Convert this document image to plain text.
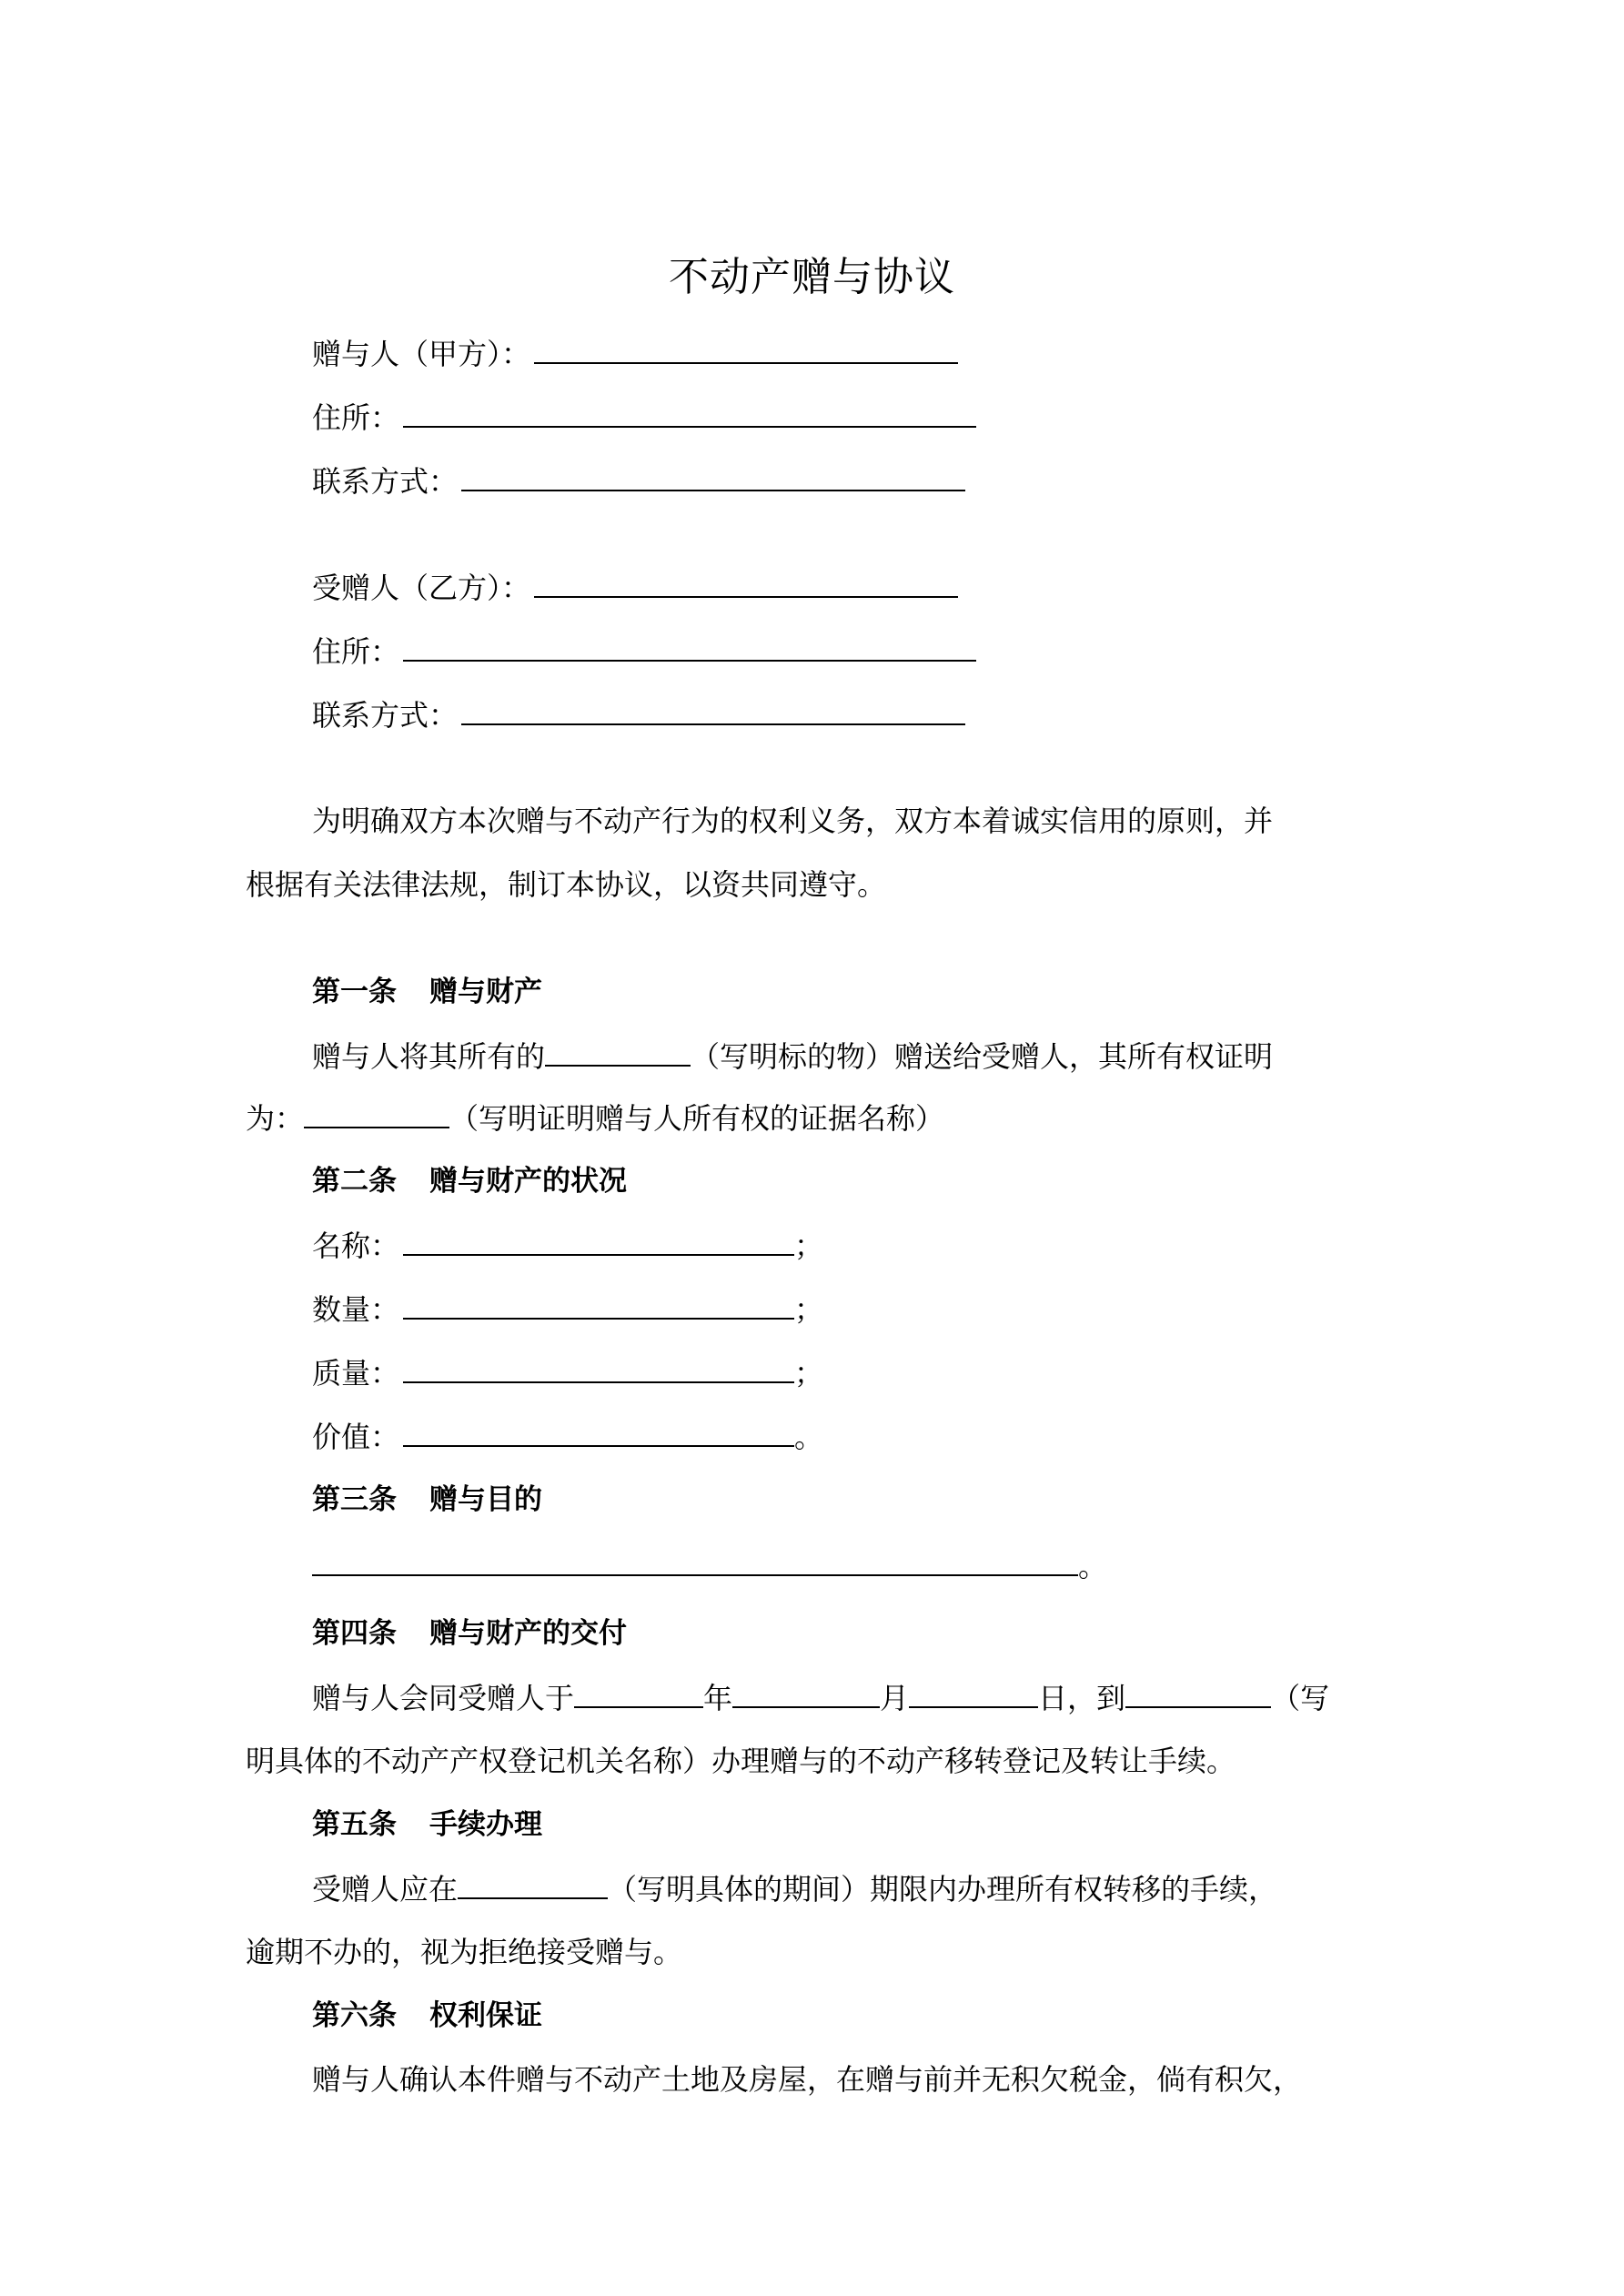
不动产赠与协议
赠与人（甲方）：
住所：
联系方式：
受赠人（乙方）：
住所：
联系方式：
为明确双方本次赠与不动产行为的权利义务，双方本着诚实信用的原则，并
根据有关法律法规，制订本协议，以资共同遵守。
第一条 赠与财产
赠与人将其所有的	（写明标的物）赠送给受赠人，其所有权证明
为：	（写明证明赠与人所有权的证据名称）
第二条 赠与财产的状况
名称：	；
数量：	；
质量：	；
价值：	。
第三条 赠与目的
。
第四条 赠与财产的交付
赠与人会同受赠人于	年	月	日，到	（写
明具体的不动产产权登记机关名称）办理赠与的不动产移转登记及转让手续。
第五条 手续办理
受赠人应在	（写明具体的期间）期限内办理所有权转移的手续，
逾期不办的，视为拒绝接受赠与。
第六条 权利保证
赠与人确认本件赠与不动产土地及房屋，在赠与前并无积欠税金，倘有积欠，
